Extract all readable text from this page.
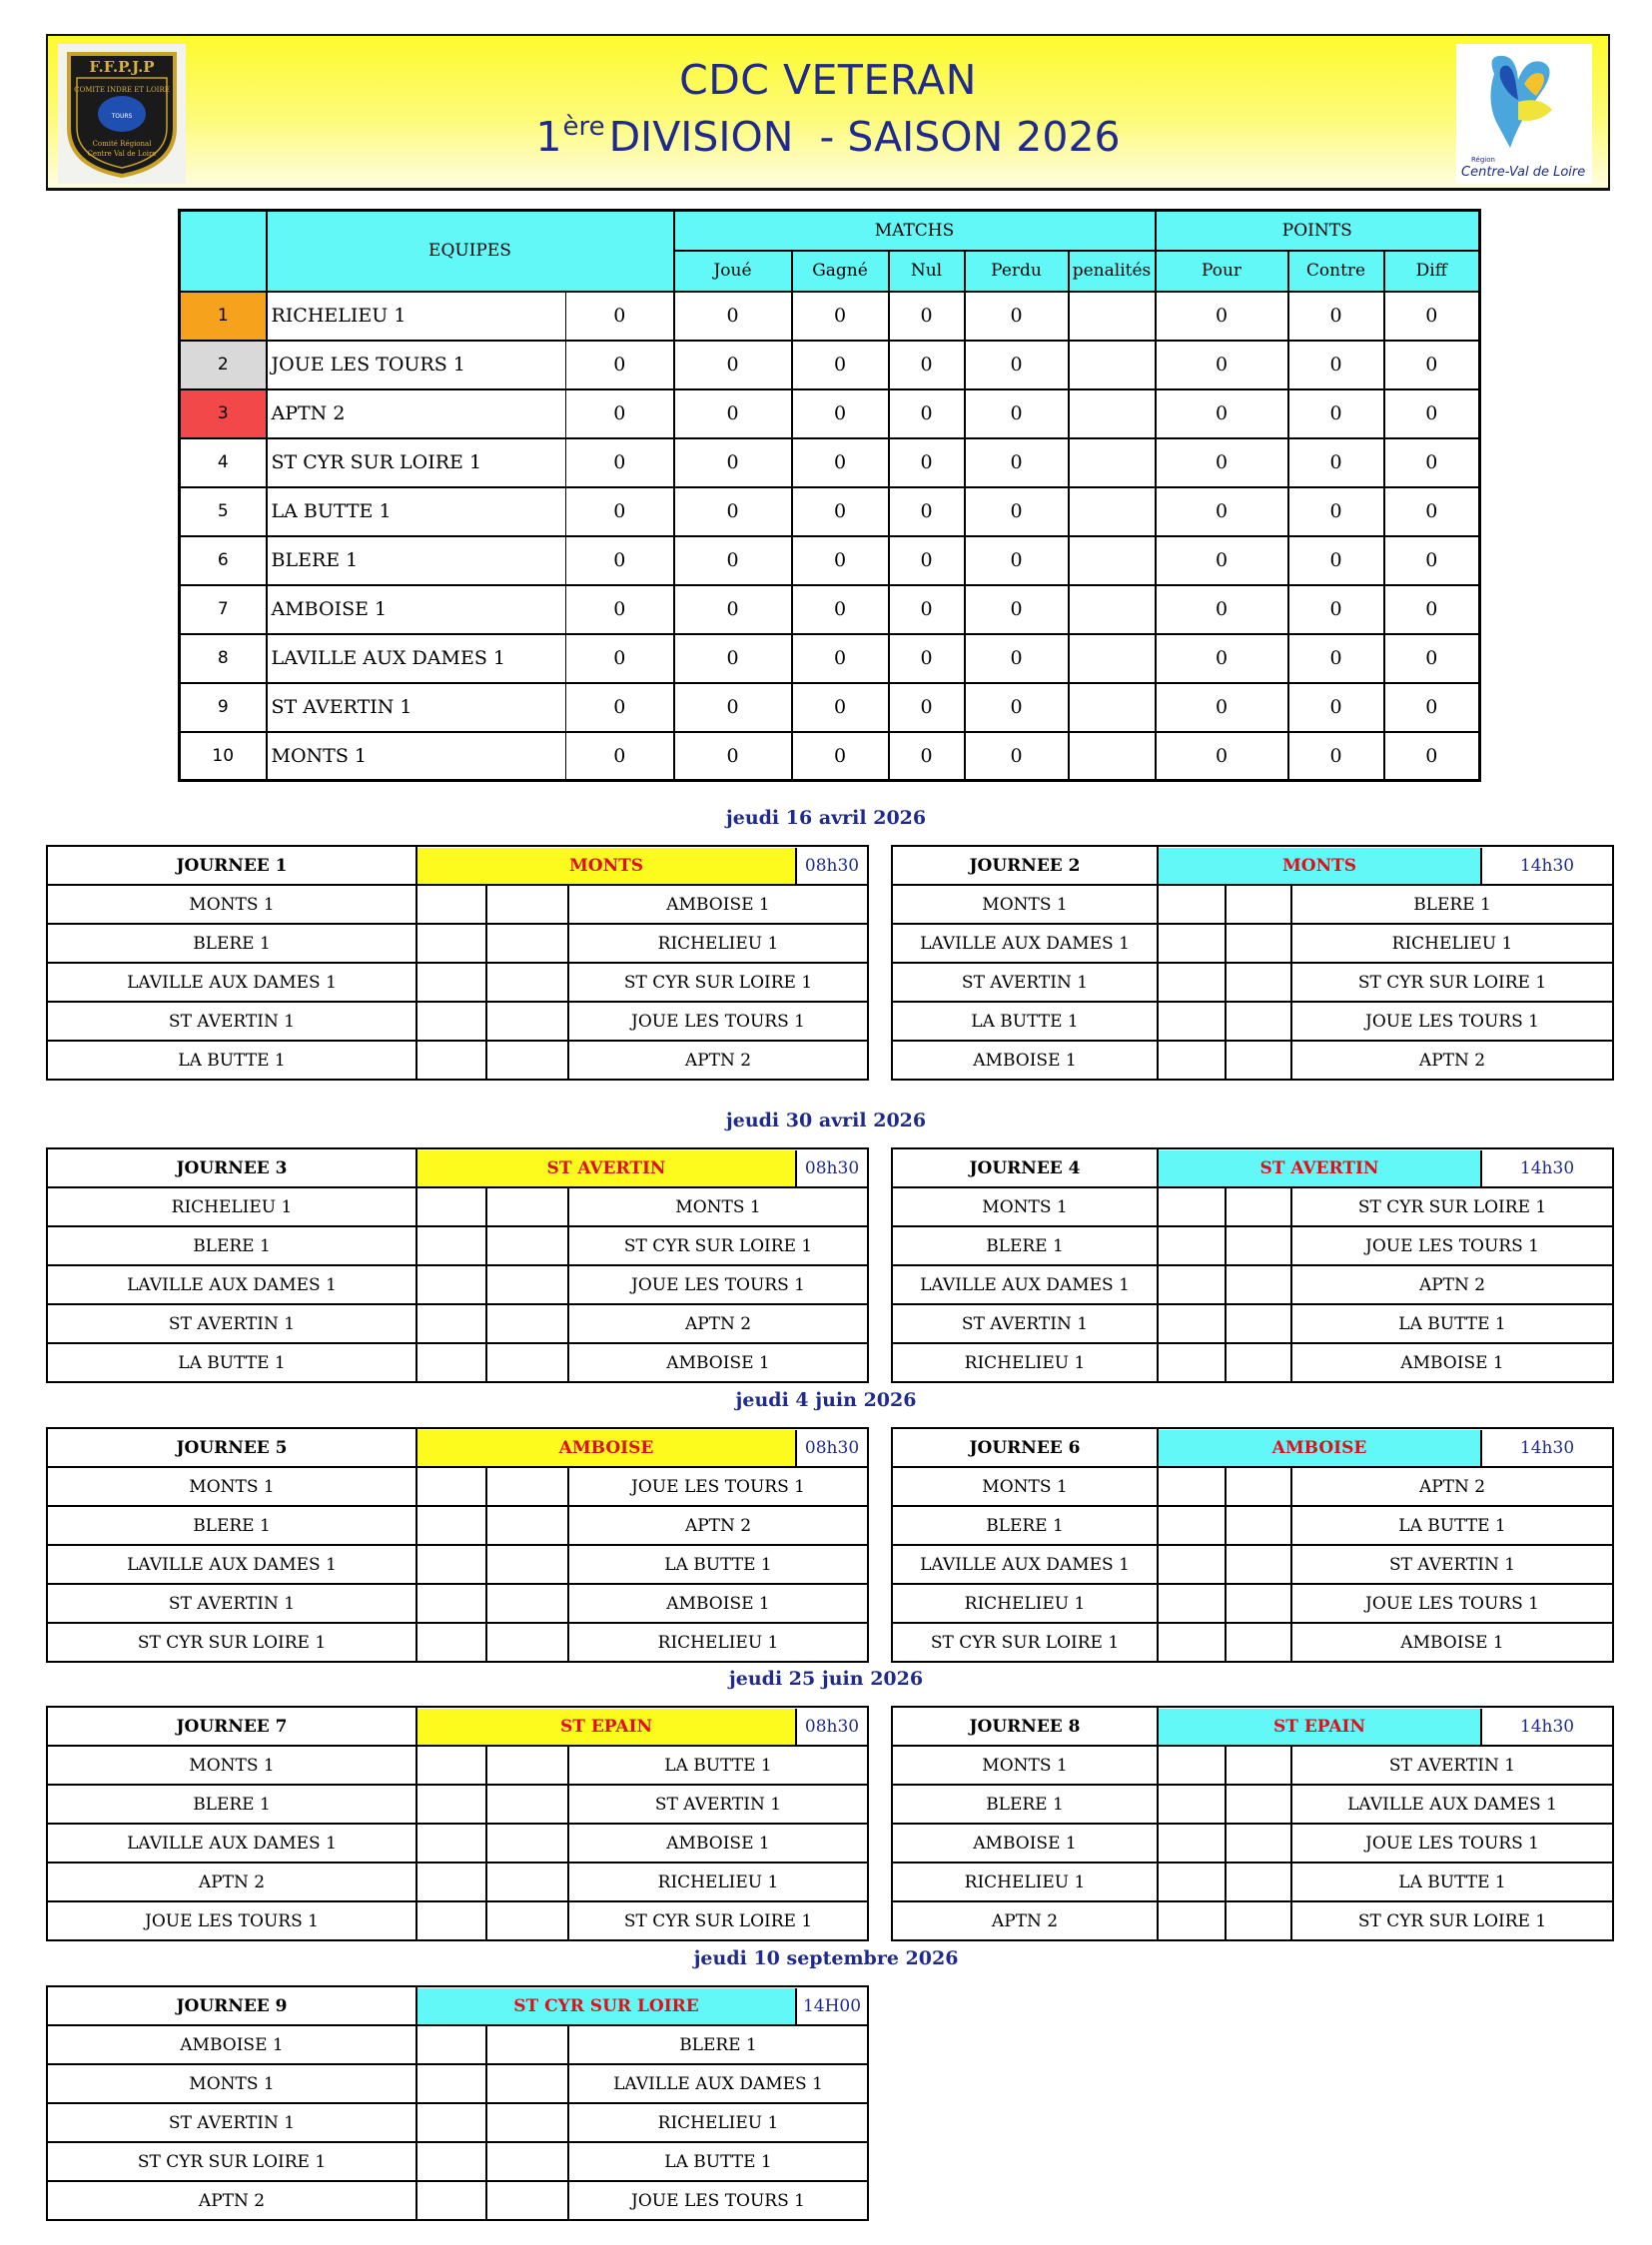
F.F.P.J.P
TOURS
COMITE INDRE ET LOIRE
Comité Régional
Centre Val de Loire
CDC VETERAN
1èreDIVISION  - SAISON 2026	Région
Centre-Val de Loire
	EQUIPES		MATCHS					POINTS		
			Joué	Gagné	Nul	Perdu	penalités	Pour	Contre	Diff
1	RICHELIEU 1	0	0	0	0	0		0	0	0
2	JOUE LES TOURS 1	0	0	0	0	0		0	0	0
3	APTN 2	0	0	0	0	0		0	0	0
4	ST CYR SUR LOIRE 1	0	0	0	0	0		0	0	0
5	LA BUTTE 1	0	0	0	0	0		0	0	0
6	BLERE 1	0	0	0	0	0		0	0	0
7	AMBOISE 1	0	0	0	0	0		0	0	0
8	LAVILLE AUX DAMES 1	0	0	0	0	0		0	0	0
9	ST AVERTIN 1	0	0	0	0	0		0	0	0
10	MONTS 1	0	0	0	0	0		0	0	0
jeudi 16 avril 2026
JOURNEE 1	MONTS 08h30		

MONTS 1			AMBOISE 1
BLERE 1			RICHELIEU 1
LAVILLE AUX DAMES 1			ST CYR SUR LOIRE 1
ST AVERTIN 1			JOUE LES TOURS 1
LA BUTTE 1			APTN 2
JOURNEE 2	MONTS 14h30		

MONTS 1			BLERE 1
LAVILLE AUX DAMES 1			RICHELIEU 1
ST AVERTIN 1			ST CYR SUR LOIRE 1
LA BUTTE 1			JOUE LES TOURS 1
AMBOISE 1			APTN 2
jeudi 30 avril 2026
JOURNEE 3	ST AVERTIN 08h30		

RICHELIEU 1			MONTS 1
BLERE 1			ST CYR SUR LOIRE 1
LAVILLE AUX DAMES 1			JOUE LES TOURS 1
ST AVERTIN 1			APTN 2
LA BUTTE 1			AMBOISE 1
JOURNEE 4	ST AVERTIN 14h30		

MONTS 1			ST CYR SUR LOIRE 1
BLERE 1			JOUE LES TOURS 1
LAVILLE AUX DAMES 1			APTN 2
ST AVERTIN 1			LA BUTTE 1
RICHELIEU 1			AMBOISE 1
jeudi 4 juin 2026
JOURNEE 5	AMBOISE 08h30		

MONTS 1			JOUE LES TOURS 1
BLERE 1			APTN 2
LAVILLE AUX DAMES 1			LA BUTTE 1
ST AVERTIN 1			AMBOISE 1
ST CYR SUR LOIRE 1			RICHELIEU 1
JOURNEE 6	AMBOISE 14h30		

MONTS 1			APTN 2
BLERE 1			LA BUTTE 1
LAVILLE AUX DAMES 1			ST AVERTIN 1
RICHELIEU 1			JOUE LES TOURS 1
ST CYR SUR LOIRE 1			AMBOISE 1
jeudi 25 juin 2026
JOURNEE 7	ST EPAIN 08h30		

MONTS 1			LA BUTTE 1
BLERE 1			ST AVERTIN 1
LAVILLE AUX DAMES 1			AMBOISE 1
APTN 2			RICHELIEU 1
JOUE LES TOURS 1			ST CYR SUR LOIRE 1
JOURNEE 8	ST EPAIN 14h30		

MONTS 1			ST AVERTIN 1
BLERE 1			LAVILLE AUX DAMES 1
AMBOISE 1			JOUE LES TOURS 1
RICHELIEU 1			LA BUTTE 1
APTN 2			ST CYR SUR LOIRE 1
jeudi 10 septembre 2026
JOURNEE 9	ST CYR SUR LOIRE 14H00		

AMBOISE 1			BLERE 1
MONTS 1			LAVILLE AUX DAMES 1
ST AVERTIN 1			RICHELIEU 1
ST CYR SUR LOIRE 1			LA BUTTE 1
APTN 2			JOUE LES TOURS 1
